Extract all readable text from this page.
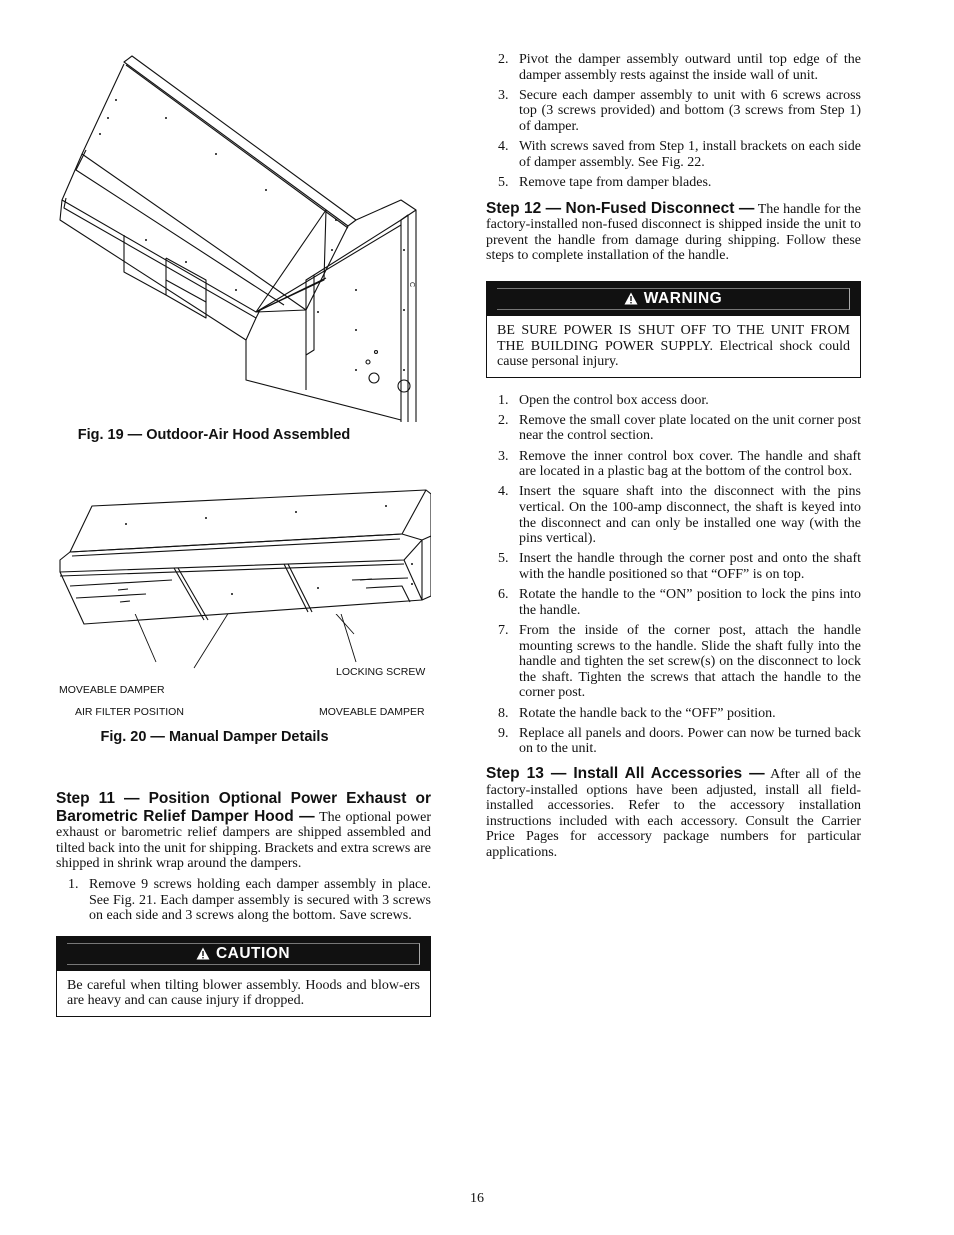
C
Fig. 19 — Outdoor-Air Hood Assembled
LOCKING SCREW
MOVEABLE DAMPER
AIR FILTER POSITION	MOVEABLE DAMPER
Fig. 20 — Manual Damper Details

Step 11 — Position Optional Power Exhaust or Barometric Relief Damper Hood — The optional power exhaust or barometric relief dampers are shipped assembled and tilted back into the unit for shipping. Brackets and extra screws are shipped in shrink wrap around the dampers.

1. Remove 9 screws holding each damper assembly in place. See Fig. 21. Each damper assembly is secured with 3 screws on each side and 3 screws along the bottom. Save screws.
CAUTION
Be careful when tilting blower assembly. Hoods and blow-ers are heavy and can cause injury if dropped.
2. Pivot the damper assembly outward until top edge of the damper assembly rests against the inside wall of unit.
3. Secure each damper assembly to unit with 6 screws across top (3 screws provided) and bottom (3 screws from Step 1) of damper.
4. With screws saved from Step 1, install brackets on each side of damper assembly. See Fig. 22.
5. Remove tape from damper blades.

Step 12 — Non-Fused Disconnect — The handle for the factory-installed non-fused disconnect is shipped inside the unit to prevent the handle from damage during shipping. Follow these steps to complete installation of the handle.

WARNING
BE SURE POWER IS SHUT OFF TO THE UNIT FROM THE BUILDING POWER SUPPLY. Electrical shock could cause personal injury.
1. Open the control box access door.
2. Remove the small cover plate located on the unit corner post near the control section.
3. Remove the inner control box cover. The handle and shaft are located in a plastic bag at the bottom of the control box.
4. Insert the square shaft into the disconnect with the pins vertical. On the 100-amp disconnect, the shaft is keyed into the disconnect and can only be installed one way (with the pins vertical).
5. Insert the handle through the corner post and onto the shaft with the handle positioned so that “OFF” is on top.
6. Rotate the handle to the “ON” position to lock the pins into the handle.
7. From the inside of the corner post, attach the handle mounting screws to the handle. Slide the shaft fully into the handle and tighten the set screw(s) on the disconnect to lock the shaft. Tighten the screws that attach the handle to the corner post.
8. Rotate the handle back to the “OFF” position.
9. Replace all panels and doors. Power can now be turned back on to the unit.

Step 13 — Install All Accessories — After all of the factory-installed options have been adjusted, install all field-installed accessories. Refer to the accessory installation instructions included with each accessory. Consult the Carrier Price Pages for accessory package numbers for particular applications.

16
